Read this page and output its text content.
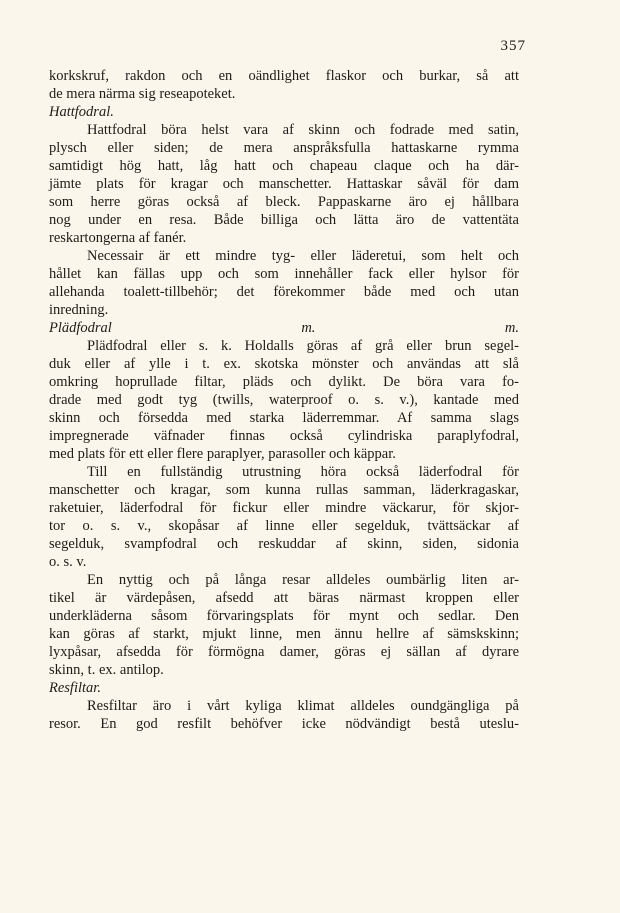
357

korkskruf, rakdon och en oändlighet flaskor och burkar, så att

de mera närma sig reseapoteket.

Hattfodral.

Hattfodral böra helst vara af skinn och fodrade med satin,

plysch eller siden; de mera anspråksfulla hattaskarne rymma

samtidigt hög hatt, låg hatt och chapeau claque och ha där-

jämte plats för kragar och manschetter. Hattaskar såväl för dam

som herre göras också af bleck. Pappaskarne äro ej hållbara

nog under en resa. Både billiga och lätta äro de vattentäta

reskartongerna af fanér.

Necessair är ett mindre tyg- eller läderetui, som helt och

hållet kan fällas upp och som innehåller fack eller hylsor för

allehanda toalett-tillbehör; det förekommer både med och utan

inredning.

Plädfodral m. m.

Plädfodral eller s. k. Holdalls göras af grå eller brun segel-

duk eller af ylle i t. ex. skotska mönster och användas att slå

omkring hoprullade filtar, pläds och dylikt. De böra vara fo-

drade med godt tyg (twills, waterproof o. s. v.), kantade med

skinn och försedda med starka läderremmar. Af samma slags

impregnerade väfnader finnas också cylindriska paraplyfodral,

med plats för ett eller flere paraplyer, parasoller och käppar.

Till en fullständig utrustning höra också läderfodral för

manschetter och kragar, som kunna rullas samman, läderkragaskar,

raketuier, läderfodral för fickur eller mindre väckarur, för skjor-

tor o. s. v., skopåsar af linne eller segelduk, tvättsäckar af

segelduk, svampfodral och reskuddar af skinn, siden, sidonia

o. s. v.

En nyttig och på långa resar alldeles oumbärlig liten ar-

tikel är värdepåsen, afsedd att bäras närmast kroppen eller

underkläderna såsom förvaringsplats för mynt och sedlar. Den

kan göras af starkt, mjukt linne, men ännu hellre af sämskskinn;

lyxpåsar, afsedda för förmögna damer, göras ej sällan af dyrare

skinn, t. ex. antilop.

Resfiltar.

Resfiltar äro i vårt kyliga klimat alldeles oundgängliga på

resor. En god resfilt behöfver icke nödvändigt bestå uteslu-
